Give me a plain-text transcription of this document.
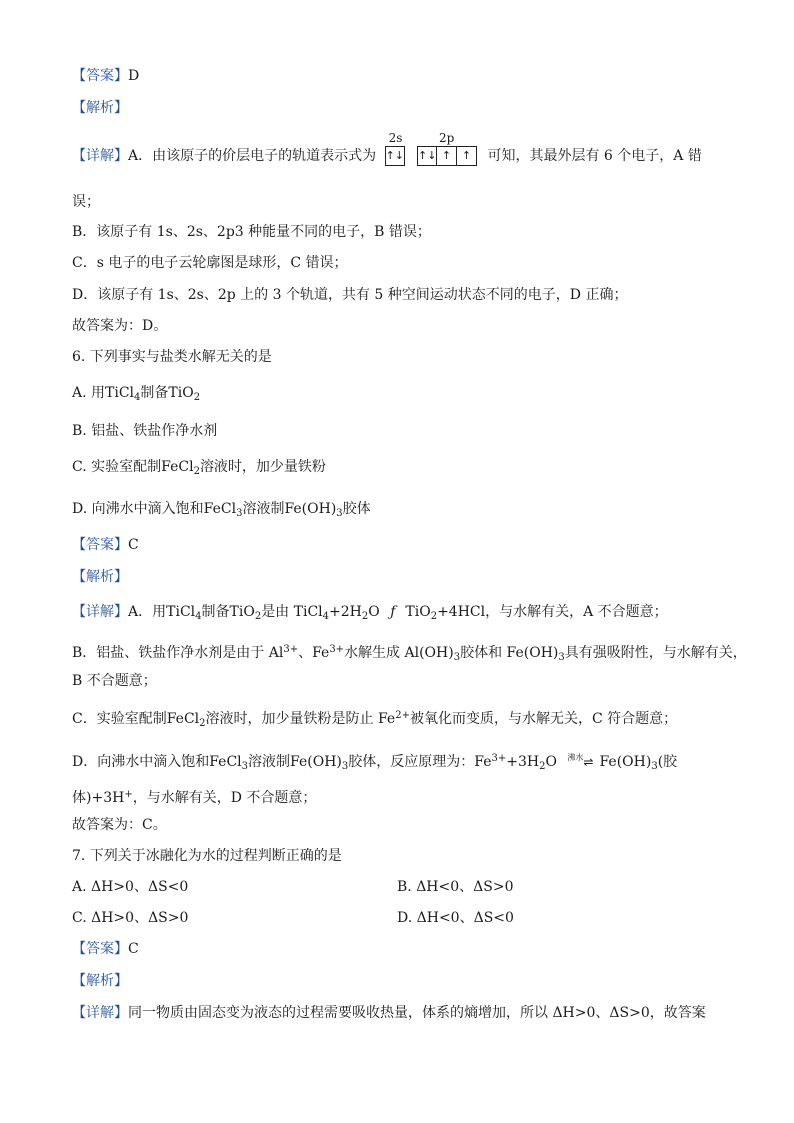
【答案】D
【解析】
【详解】A．由该原子的价层电子的轨道表示式为
2s
↑↓
2p
↑↓ ↑ ↑ 可知，其最外层有 6 个电子，A 错
误；
B．该原子有 1s、2s、2p3 种能量不同的电子，B 错误；
C．s 电子的电子云轮廓图是球形，C 错误；
D．该原子有 1s、2s、2p 上的 3 个轨道，共有 5 种空间运动状态不同的电子，D 正确；
故答案为：D。
6. 下列事实与盐类水解无关的是
A. 用TiCl$_4$制备TiO$_2$
B. 铝盐、铁盐作净水剂
C. 实验室配制FeCl$_2$溶液时，加少量铁粉
D. 向沸水中滴入饱和FeCl$_3$溶液制$Fe(OH)_3$胶体
【答案】C
【解析】
【详解】A．用TiCl$_4$制备TiO$_2$是由 $TiCl_4+2H_2O$ ƒ TiO$_2$+4HCl，与水解有关，A 不合题意；
B．铝盐、铁盐作净水剂是由于 $Al^{3+}$、$Fe^{3+}$水解生成 $Al(OH)_3$胶体和 $Fe(OH)_3$具有强吸附性，与水解有关，
B 不合题意；
C．实验室配制FeCl$_2$溶液时，加少量铁粉是防止 $Fe^{2+}$被氧化而变质，与水解无关，C 符合题意；
D．向沸水中滴入饱和FeCl$_3$溶液制$Fe(OH)_3$胶体，反应原理为：$Fe^{3+}+3H_2O$ $^{沸水}$⇌ $Fe(OH)_3$(胶
体)+3H+，与水解有关，D 不合题意；
故答案为：C。
7. 下列关于冰融化为水的过程判断正确的是
A. ΔH>0、ΔS<0	B. ΔH<0、ΔS>0
C. ΔH>0、ΔS>0	D. ΔH<0、ΔS<0
【答案】C
【解析】
【详解】同一物质由固态变为液态的过程需要吸收热量，体系的熵增加，所以 ΔH>0、ΔS>0，故答案
